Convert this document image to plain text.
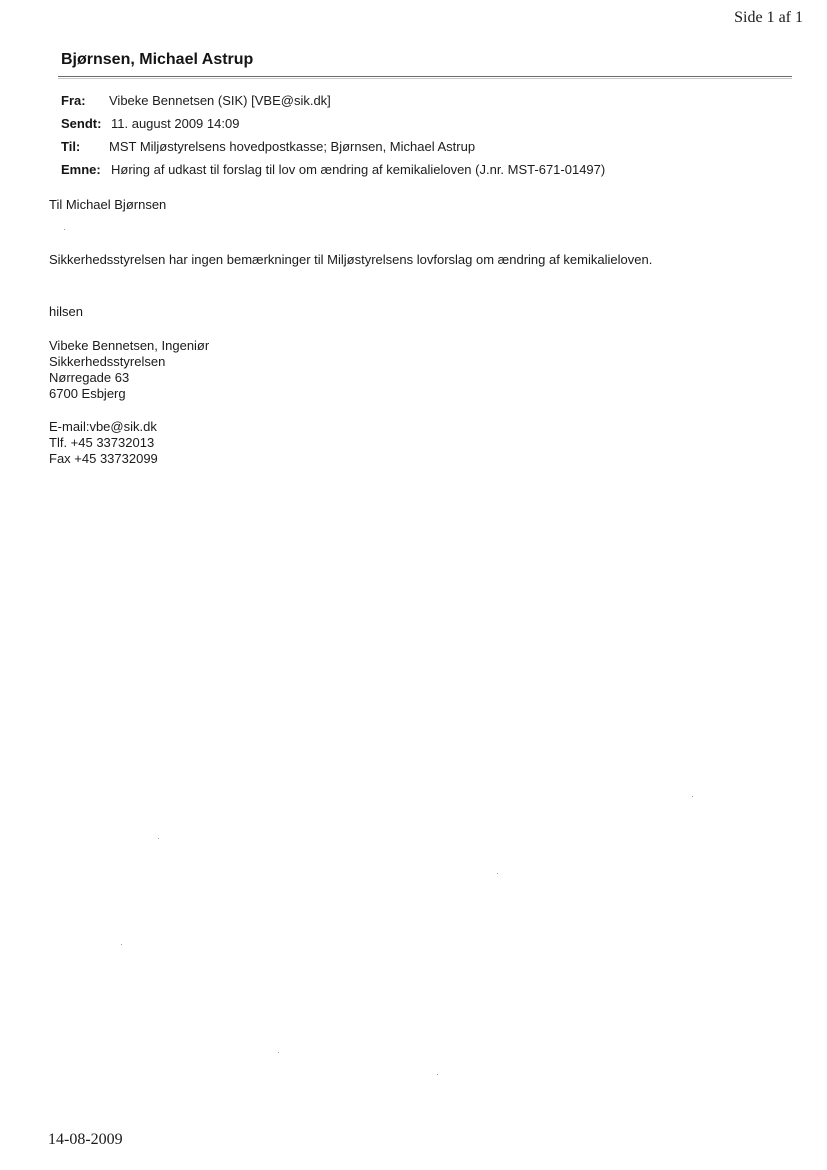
Side 1 af 1
Bjørnsen, Michael Astrup
Fra:	Vibeke Bennetsen (SIK) [VBE@sik.dk]
Sendt: 11. august 2009 14:09
Til:	MST Miljøstyrelsens hovedpostkasse; Bjørnsen, Michael Astrup
Emne: Høring af udkast til forslag til lov om ændring af kemikalieloven (J.nr. MST-671-01497)
Til Michael Bjørnsen
Sikkerhedsstyrelsen har ingen bemærkninger til Miljøstyrelsens lovforslag om ændring af kemikalieloven.
hilsen
Vibeke Bennetsen, Ingeniør
Sikkerhedsstyrelsen
Nørregade 63
6700 Esbjerg
E-mail:vbe@sik.dk
Tlf. +45 33732013
Fax +45 33732099
14-08-2009
